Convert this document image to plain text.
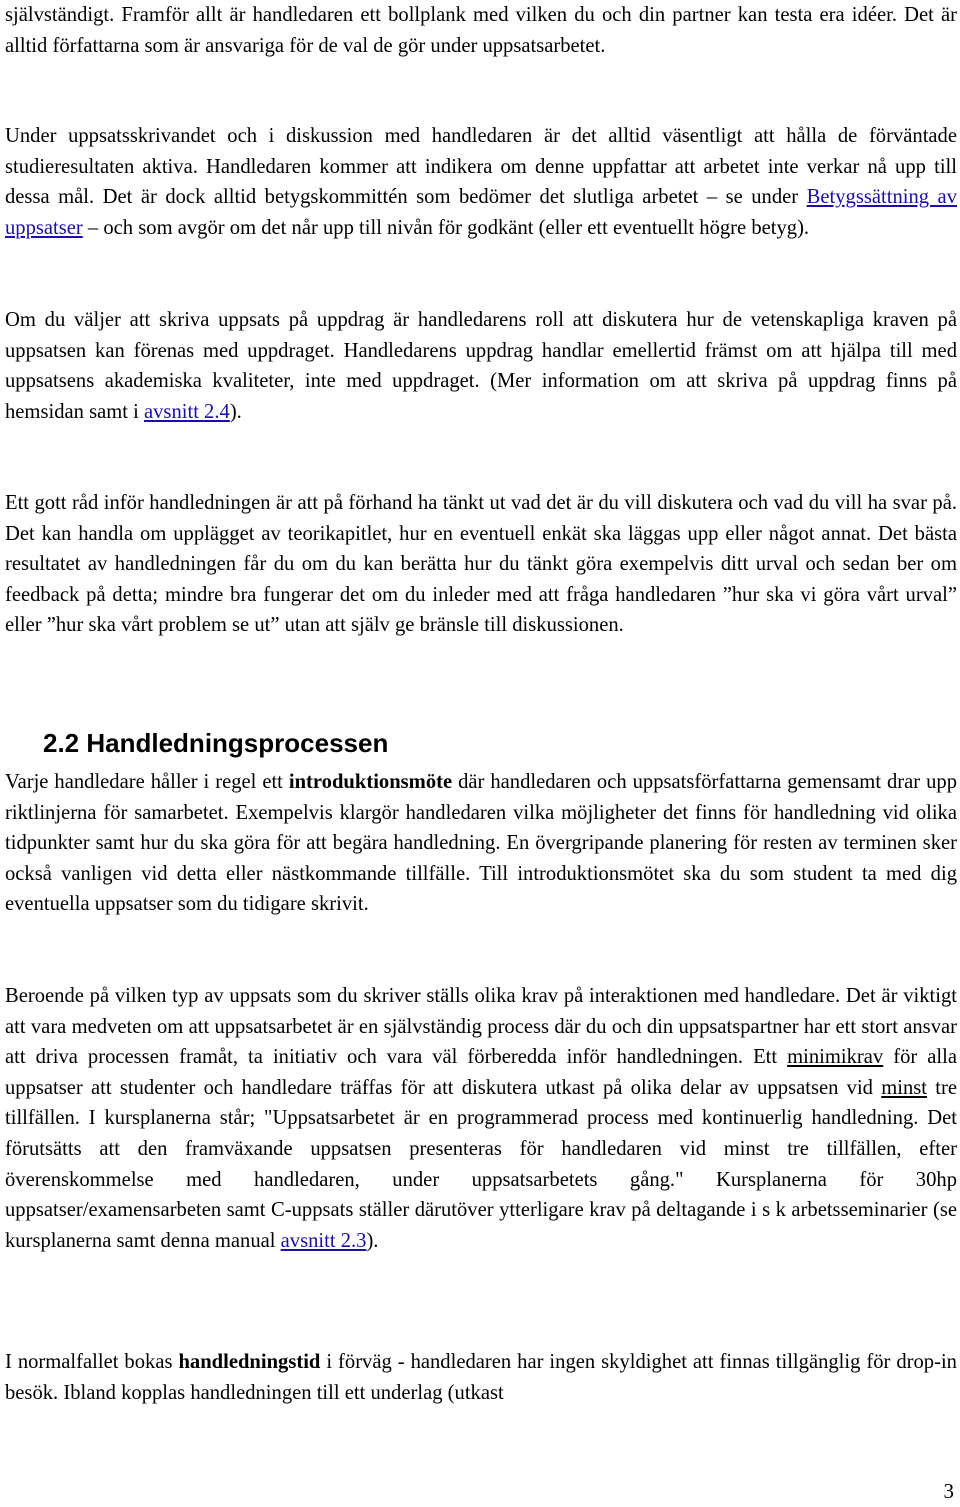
självständigt. Framför allt är handledaren ett bollplank med vilken du och din partner kan testa era idéer. Det är alltid författarna som är ansvariga för de val de gör under uppsatsarbetet.

Under uppsatsskrivandet och i diskussion med handledaren är det alltid väsentligt att hålla de förväntade studieresultaten aktiva. Handledaren kommer att indikera om denne uppfattar att arbetet inte verkar nå upp till dessa mål. Det är dock alltid betygskommittén som bedömer det slutliga arbetet – se under Betygssättning av uppsatser – och som avgör om det når upp till nivån för godkänt (eller ett eventuellt högre betyg).

Om du väljer att skriva uppsats på uppdrag är handledarens roll att diskutera hur de vetenskapliga kraven på uppsatsen kan förenas med uppdraget. Handledarens uppdrag handlar emellertid främst om att hjälpa till med uppsatsens akademiska kvaliteter, inte med uppdraget. (Mer information om att skriva på uppdrag finns på hemsidan samt i avsnitt 2.4).

Ett gott råd inför handledningen är att på förhand ha tänkt ut vad det är du vill diskutera och vad du vill ha svar på. Det kan handla om upplägget av teorikapitlet, hur en eventuell enkät ska läggas upp eller något annat. Det bästa resultatet av handledningen får du om du kan berätta hur du tänkt göra exempelvis ditt urval och sedan ber om feedback på detta; mindre bra fungerar det om du inleder med att fråga handledaren ”hur ska vi göra vårt urval” eller ”hur ska vårt problem se ut” utan att själv ge bränsle till diskussionen.

2.2 Handledningsprocessen

Varje handledare håller i regel ett introduktionsmöte där handledaren och uppsatsförfattarna gemensamt drar upp riktlinjerna för samarbetet. Exempelvis klargör handledaren vilka möjligheter det finns för handledning vid olika tidpunkter samt hur du ska göra för att begära handledning. En övergripande planering för resten av terminen sker också vanligen vid detta eller nästkommande tillfälle. Till introduktionsmötet ska du som student ta med dig eventuella uppsatser som du tidigare skrivit.

Beroende på vilken typ av uppsats som du skriver ställs olika krav på interaktionen med handledare. Det är viktigt att vara medveten om att uppsatsarbetet är en självständig process där du och din uppsatspartner har ett stort ansvar att driva processen framåt, ta initiativ och vara väl förberedda inför handledningen. Ett minimikrav för alla uppsatser att studenter och handledare träffas för att diskutera utkast på olika delar av uppsatsen vid minst tre tillfällen. I kursplanerna står; "Uppsatsarbetet är en programmerad process med kontinuerlig handledning. Det förutsätts att den framväxande uppsatsen presenteras för handledaren vid minst tre tillfällen, efter överenskommelse med handledaren, under uppsatsarbetets gång." Kursplanerna för 30hp uppsatser/examensarbeten samt C-uppsats ställer därutöver ytterligare krav på deltagande i s k arbetsseminarier (se kursplanerna samt denna manual avsnitt 2.3).

I normalfallet bokas handledningstid i förväg - handledaren har ingen skyldighet att finnas tillgänglig för drop-in besök. Ibland kopplas handledningen till ett underlag (utkast

3
